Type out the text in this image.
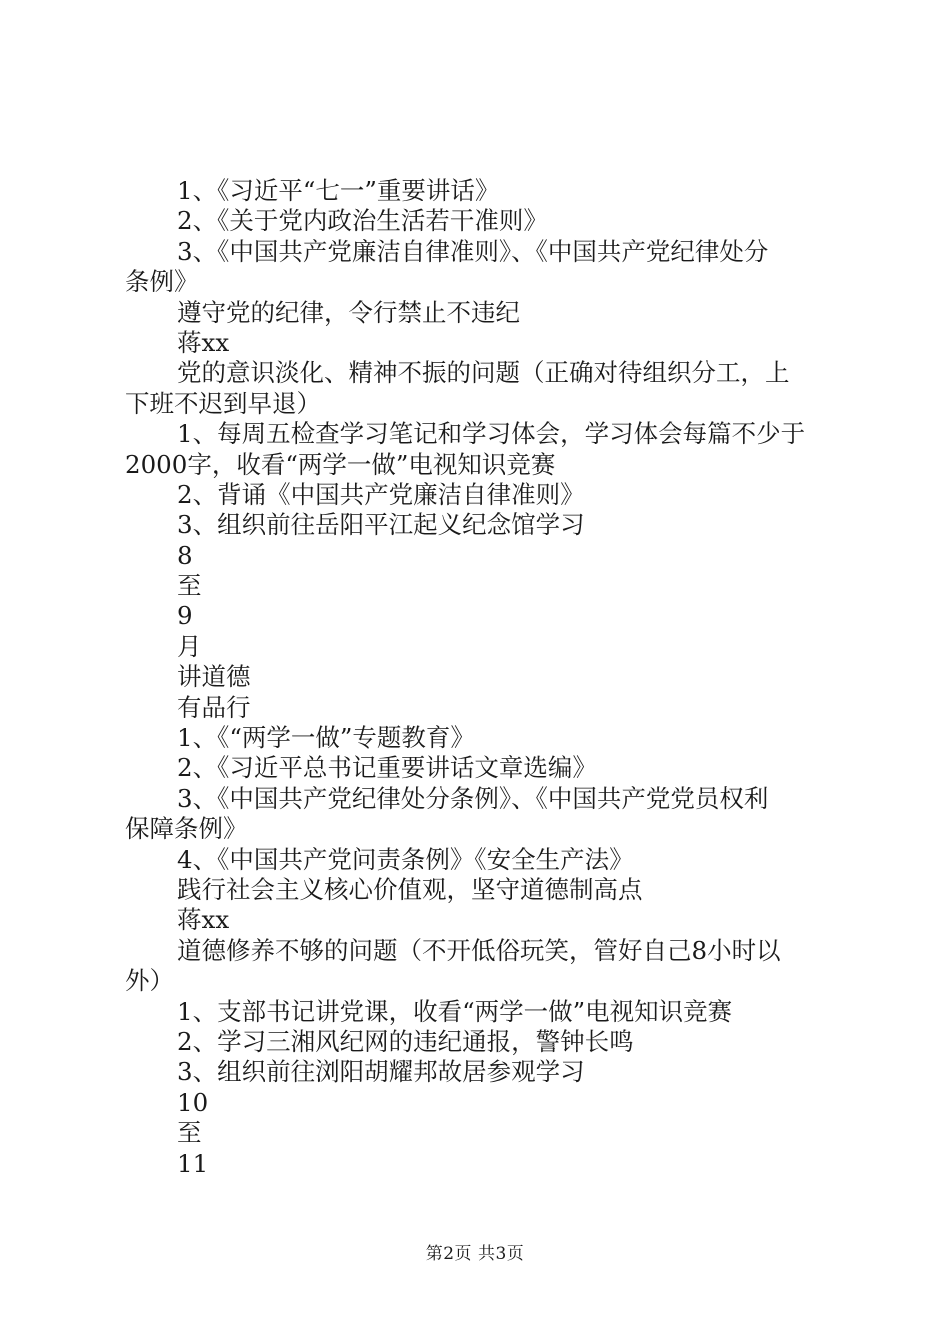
1、《习近平“七一”重要讲话》
2、《关于党内政治生活若干准则》
3、《中国共产党廉洁自律准则》、《中国共产党纪律处分
条例》
遵守党的纪律，令行禁止不违纪
蒋xx
党的意识淡化、精神不振的问题（正确对待组织分工，上
下班不迟到早退）
1、每周五检查学习笔记和学习体会，学习体会每篇不少于
2000字，收看“两学一做”电视知识竞赛
2、背诵《中国共产党廉洁自律准则》
3、组织前往岳阳平江起义纪念馆学习
8
至
9
月
讲道德
有品行
1、《“两学一做”专题教育》
2、《习近平总书记重要讲话文章选编》
3、《中国共产党纪律处分条例》、《中国共产党党员权利
保障条例》
4、《中国共产党问责条例》《安全生产法》
践行社会主义核心价值观，坚守道德制高点
蒋xx
道德修养不够的问题（不开低俗玩笑，管好自己8小时以
外）
1、支部书记讲党课，收看“两学一做”电视知识竞赛
2、学习三湘风纪网的违纪通报，警钟长鸣
3、组织前往浏阳胡耀邦故居参观学习
10
至
11
第2页 共3页
